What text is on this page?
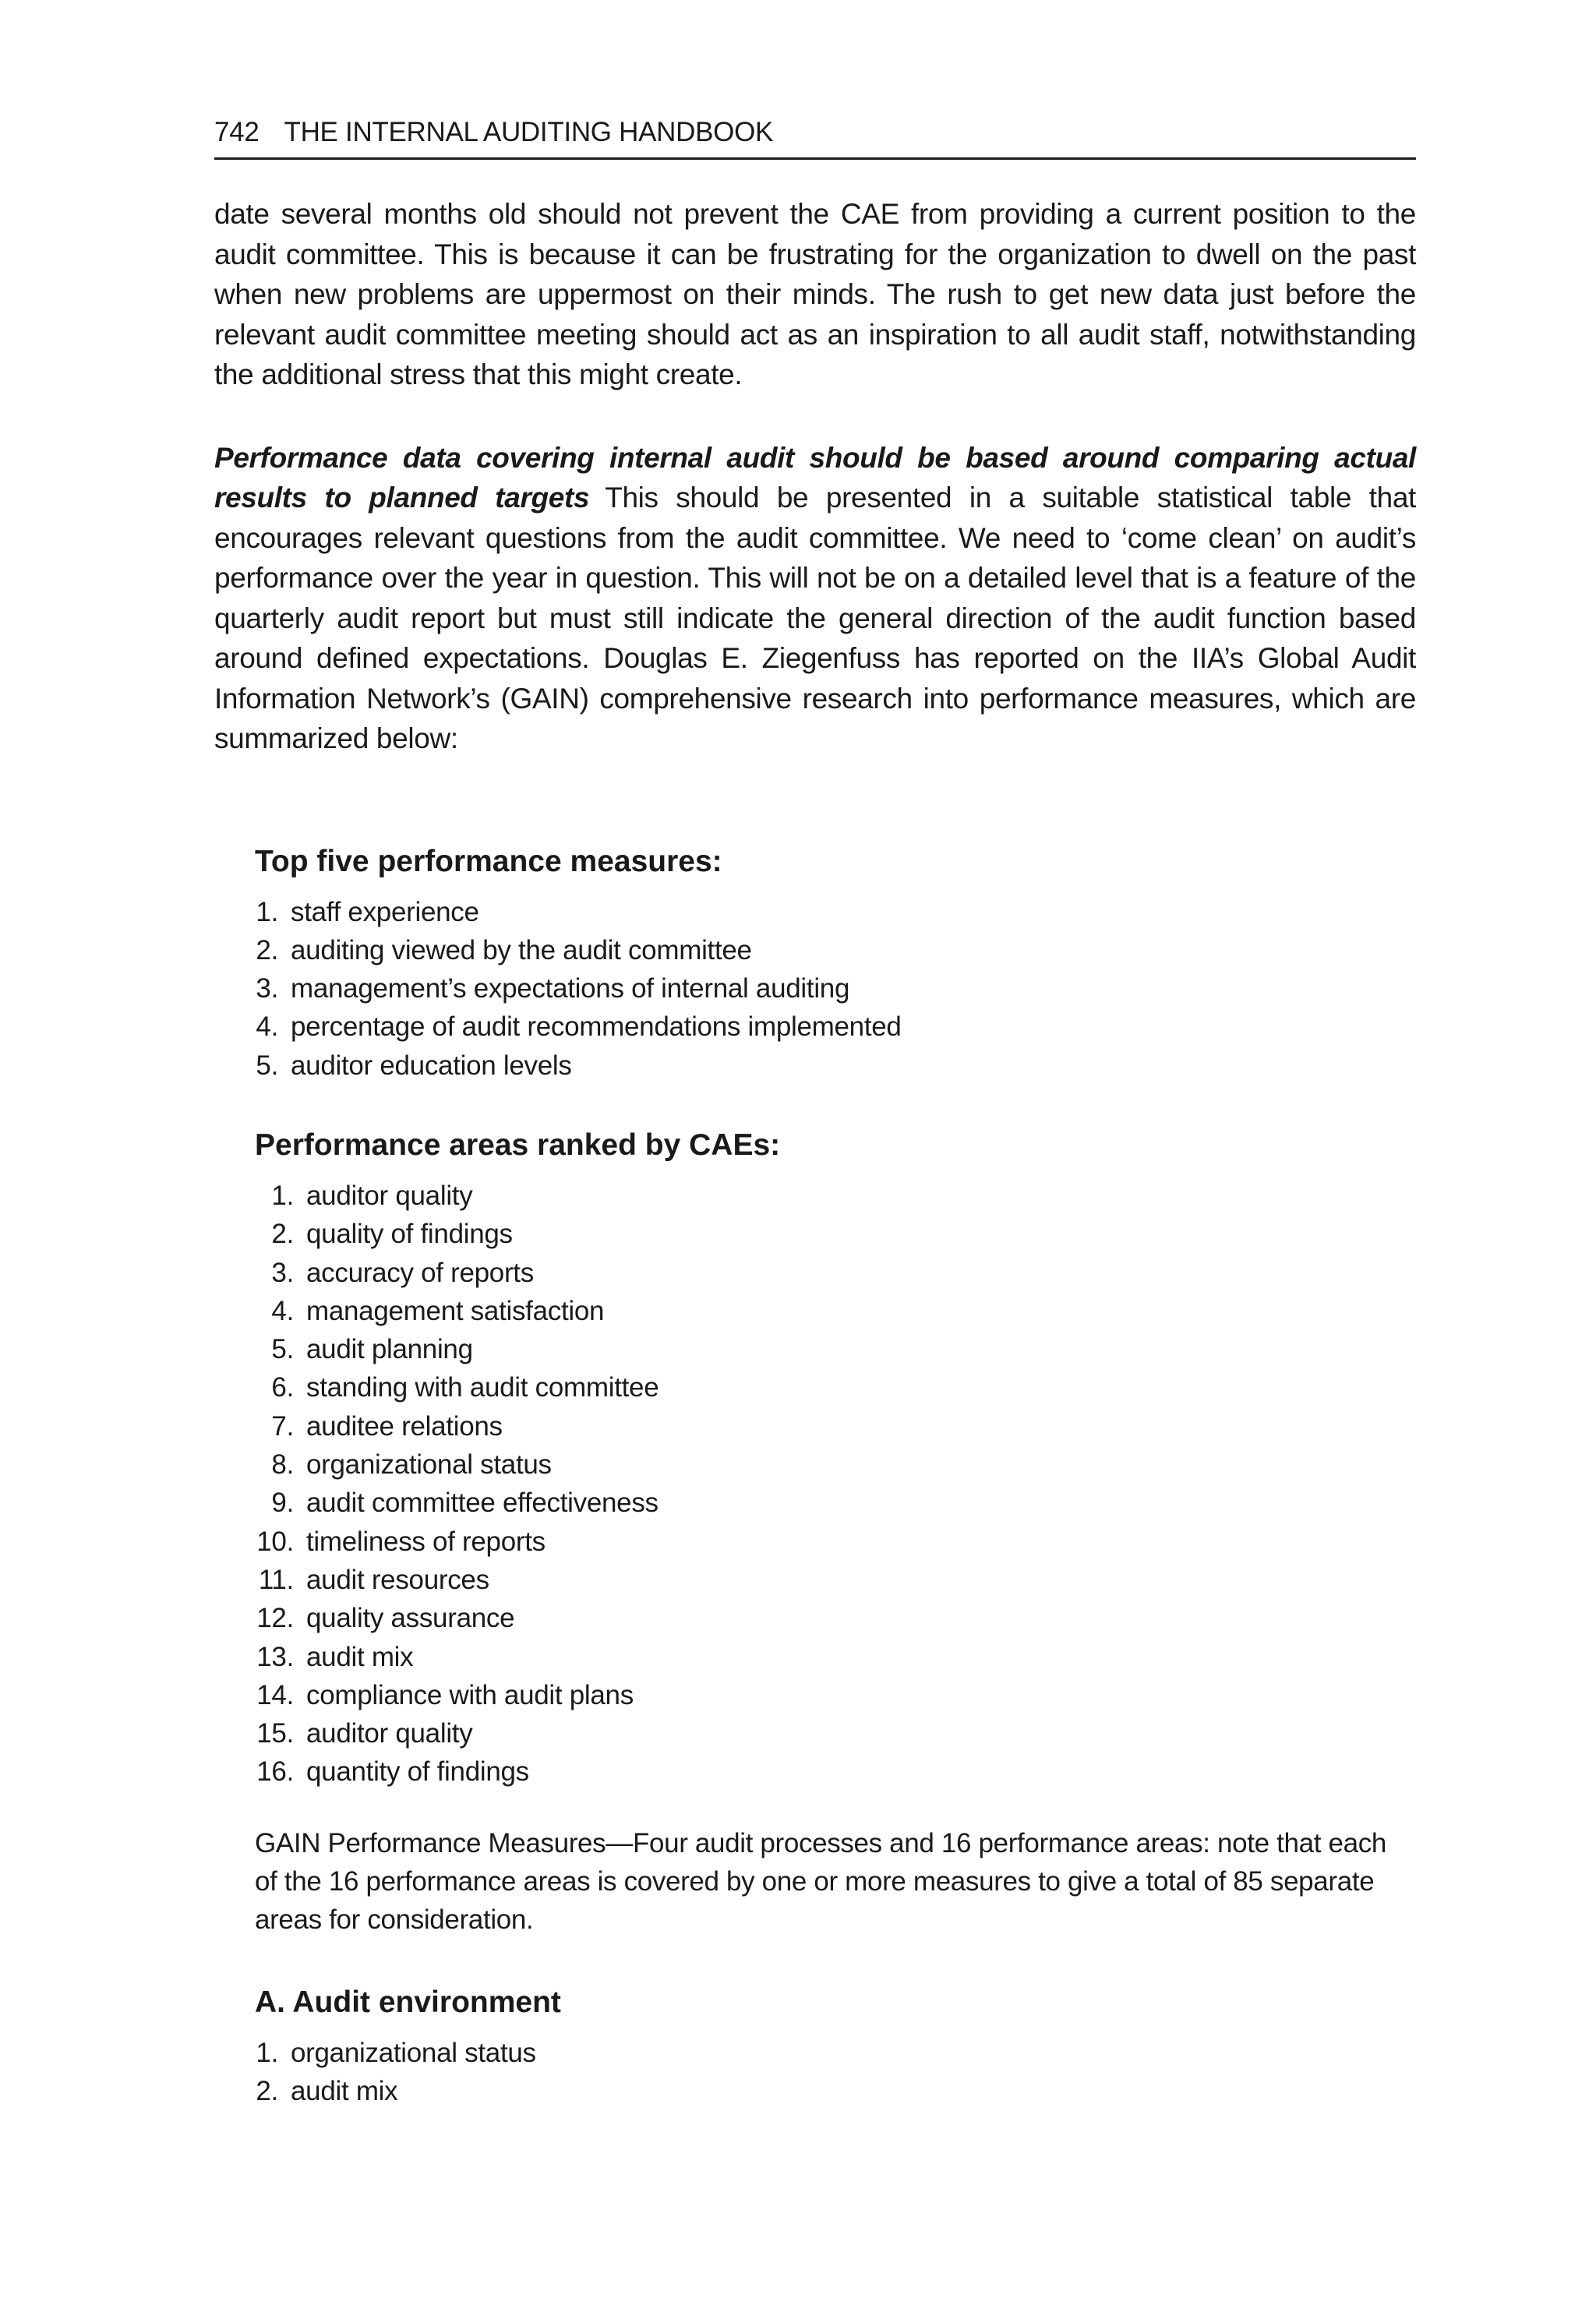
742 THE INTERNAL AUDITING HANDBOOK

date several months old should not prevent the CAE from providing a current position to the audit committee. This is because it can be frustrating for the organization to dwell on the past when new problems are uppermost on their minds. The rush to get new data just before the relevant audit committee meeting should act as an inspiration to all audit staff, notwithstanding the additional stress that this might create.

Performance data covering internal audit should be based around comparing actual results to planned targets This should be presented in a suitable statistical table that encourages relevant questions from the audit committee. We need to ‘come clean’ on audit’s performance over the year in question. This will not be on a detailed level that is a feature of the quarterly audit report but must still indicate the general direction of the audit function based around defined expectations. Douglas E. Ziegenfuss has reported on the IIA’s Global Audit Information Network’s (GAIN) comprehensive research into performance measures, which are summarized below:

Top five performance measures:
1. staff experience
2. auditing viewed by the audit committee
3. management’s expectations of internal auditing
4. percentage of audit recommendations implemented
5. auditor education levels
Performance areas ranked by CAEs:
1. auditor quality
2. quality of findings
3. accuracy of reports
4. management satisfaction
5. audit planning
6. standing with audit committee
7. auditee relations
8. organizational status
9. audit committee effectiveness
10. timeliness of reports
11. audit resources
12. quality assurance
13. audit mix
14. compliance with audit plans
15. auditor quality
16. quantity of findings

GAIN Performance Measures—Four audit processes and 16 performance areas: note that each of the 16 performance areas is covered by one or more measures to give a total of 85 separate areas for consideration.

A. Audit environment
1. organizational status
2. audit mix
